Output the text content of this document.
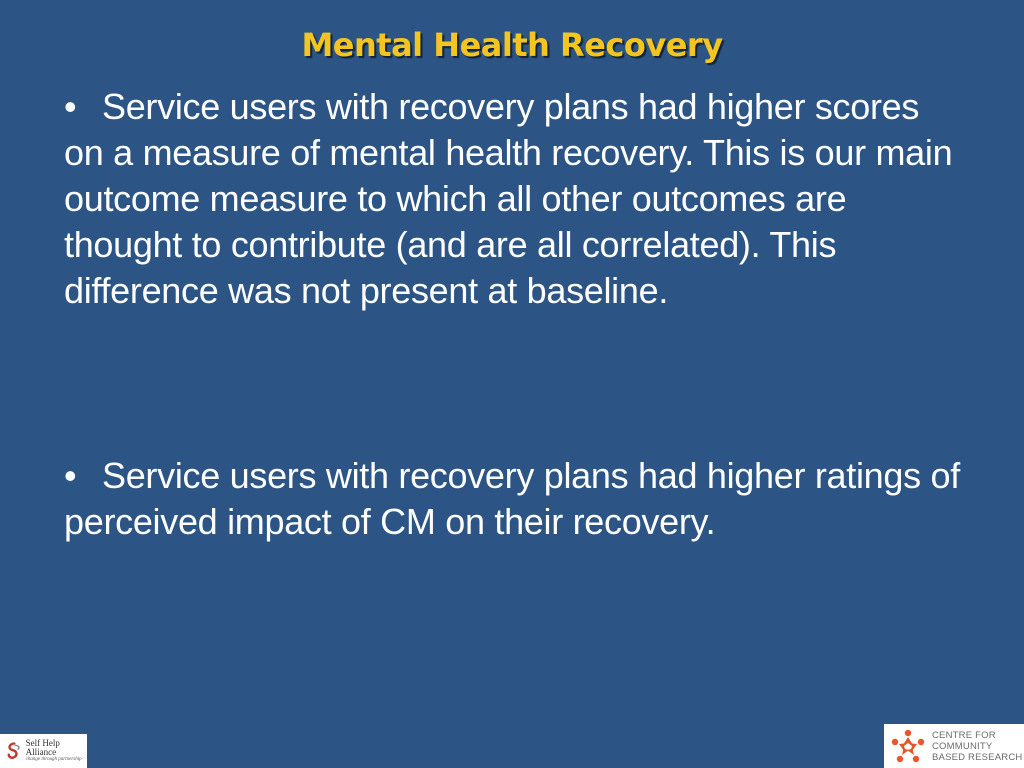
Mental Health Recovery
• Service users with recovery plans had higher scores on a measure of mental health recovery. This is our main outcome measure to which all other outcomes are thought to contribute (and are all correlated). This difference was not present at baseline.
• Service users with recovery plans had higher ratings of perceived impact of CM on their recovery.
Self Help Alliance
change through partnership
CENTRE FOR
COMMUNITY
BASED RESEARCH
